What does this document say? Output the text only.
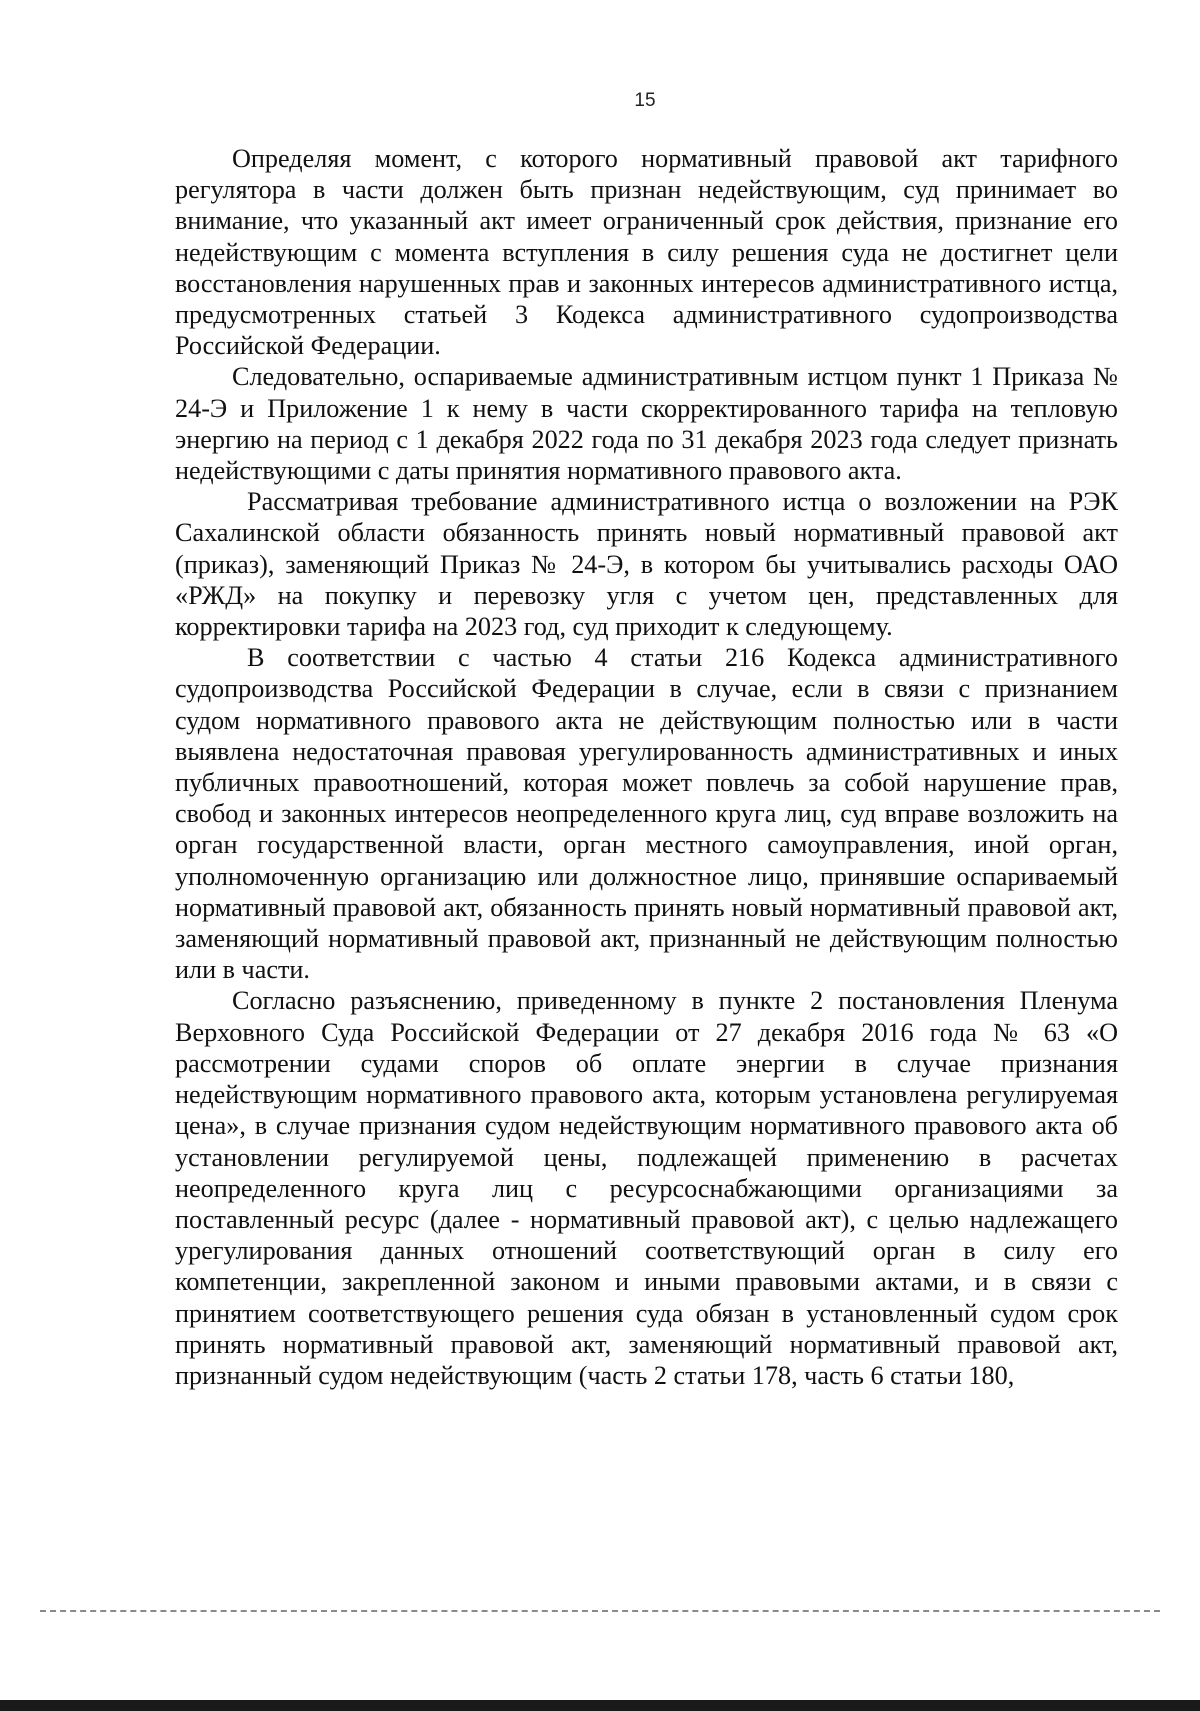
15

Определяя момент, с которого нормативный правовой акт тарифного регулятора в части должен быть признан недействующим, суд принимает во внимание, что указанный акт имеет ограниченный срок действия, признание его недействующим с момента вступления в силу решения суда не достигнет цели восстановления нарушенных прав и законных интересов административного истца, предусмотренных статьей 3 Кодекса административного судопроизводства Российской Федерации.

Следовательно, оспариваемые административным истцом пункт 1 Приказа № 24-Э и Приложение 1 к нему в части скорректированного тарифа на тепловую энергию на период с 1 декабря 2022 года по 31 декабря 2023 года следует признать недействующими с даты принятия нормативного правового акта.

Рассматривая требование административного истца о возложении на РЭК Сахалинской области обязанность принять новый нормативный правовой акт (приказ), заменяющий Приказ № 24-Э, в котором бы учитывались расходы ОАО «РЖД» на покупку и перевозку угля с учетом цен, представленных для корректировки тарифа на 2023 год, суд приходит к следующему.

В соответствии с частью 4 статьи 216 Кодекса административного судопроизводства Российской Федерации в случае, если в связи с признанием судом нормативного правового акта не действующим полностью или в части выявлена недостаточная правовая урегулированность административных и иных публичных правоотношений, которая может повлечь за собой нарушение прав, свобод и законных интересов неопределенного круга лиц, суд вправе возложить на орган государственной власти, орган местного самоуправления, иной орган, уполномоченную организацию или должностное лицо, принявшие оспариваемый нормативный правовой акт, обязанность принять новый нормативный правовой акт, заменяющий нормативный правовой акт, признанный не действующим полностью или в части.

Согласно разъяснению, приведенному в пункте 2 постановления Пленума Верховного Суда Российской Федерации от 27 декабря 2016 года № 63 «О рассмотрении судами споров об оплате энергии в случае признания недействующим нормативного правового акта, которым установлена регулируемая цена», в случае признания судом недействующим нормативного правового акта об установлении регулируемой цены, подлежащей применению в расчетах неопределенного круга лиц с ресурсоснабжающими организациями за поставленный ресурс (далее - нормативный правовой акт), с целью надлежащего урегулирования данных отношений соответствующий орган в силу его компетенции, закрепленной законом и иными правовыми актами, и в связи с принятием соответствующего решения суда обязан в установленный судом срок принять нормативный правовой акт, заменяющий нормативный правовой акт, признанный судом недействующим (часть 2 статьи 178, часть 6 статьи 180,
